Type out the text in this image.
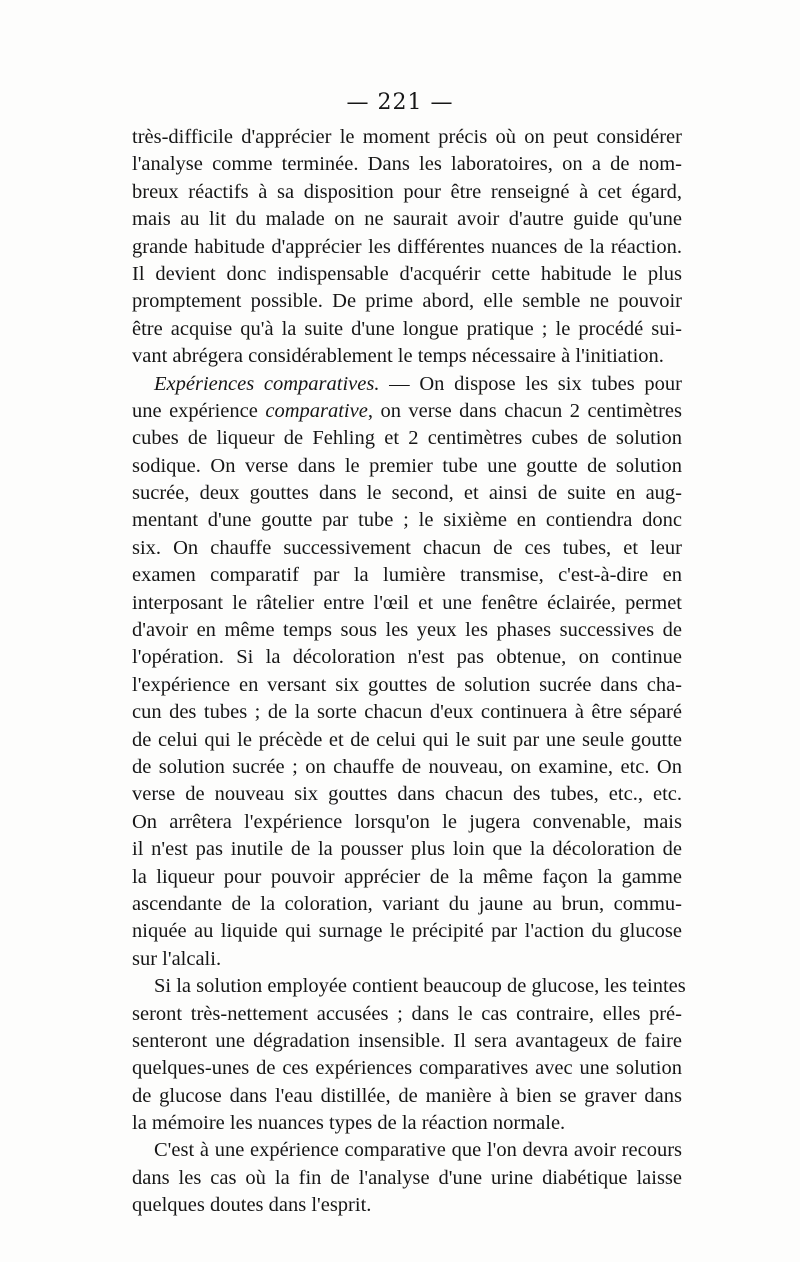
— 221 —
très-difficile d'apprécier le moment précis où on peut considérer
l'analyse comme terminée. Dans les laboratoires, on a de nom-
breux réactifs à sa disposition pour être renseigné à cet égard,
mais au lit du malade on ne saurait avoir d'autre guide qu'une
grande habitude d'apprécier les différentes nuances de la réaction.
Il devient donc indispensable d'acquérir cette habitude le plus
promptement possible. De prime abord, elle semble ne pouvoir
être acquise qu'à la suite d'une longue pratique ; le procédé sui-
vant abrégera considérablement le temps nécessaire à l'initiation.
Expériences comparatives. — On dispose les six tubes pour
une expérience comparative, on verse dans chacun 2 centimètres
cubes de liqueur de Fehling et 2 centimètres cubes de solution
sodique. On verse dans le premier tube une goutte de solution
sucrée, deux gouttes dans le second, et ainsi de suite en aug-
mentant d'une goutte par tube ; le sixième en contiendra donc
six. On chauffe successivement chacun de ces tubes, et leur
examen comparatif par la lumière transmise, c'est-à-dire en
interposant le râtelier entre l'œil et une fenêtre éclairée, permet
d'avoir en même temps sous les yeux les phases successives de
l'opération. Si la décoloration n'est pas obtenue, on continue
l'expérience en versant six gouttes de solution sucrée dans cha-
cun des tubes ; de la sorte chacun d'eux continuera à être séparé
de celui qui le précède et de celui qui le suit par une seule goutte
de solution sucrée ; on chauffe de nouveau, on examine, etc. On
verse de nouveau six gouttes dans chacun des tubes, etc., etc.
On arrêtera l'expérience lorsqu'on le jugera convenable, mais
il n'est pas inutile de la pousser plus loin que la décoloration de
la liqueur pour pouvoir apprécier de la même façon la gamme
ascendante de la coloration, variant du jaune au brun, commu-
niquée au liquide qui surnage le précipité par l'action du glucose
sur l'alcali.
Si la solution employée contient beaucoup de glucose, les teintes
seront très-nettement accusées ; dans le cas contraire, elles pré-
senteront une dégradation insensible. Il sera avantageux de faire
quelques-unes de ces expériences comparatives avec une solution
de glucose dans l'eau distillée, de manière à bien se graver dans
la mémoire les nuances types de la réaction normale.
C'est à une expérience comparative que l'on devra avoir recours
dans les cas où la fin de l'analyse d'une urine diabétique laisse
quelques doutes dans l'esprit.
